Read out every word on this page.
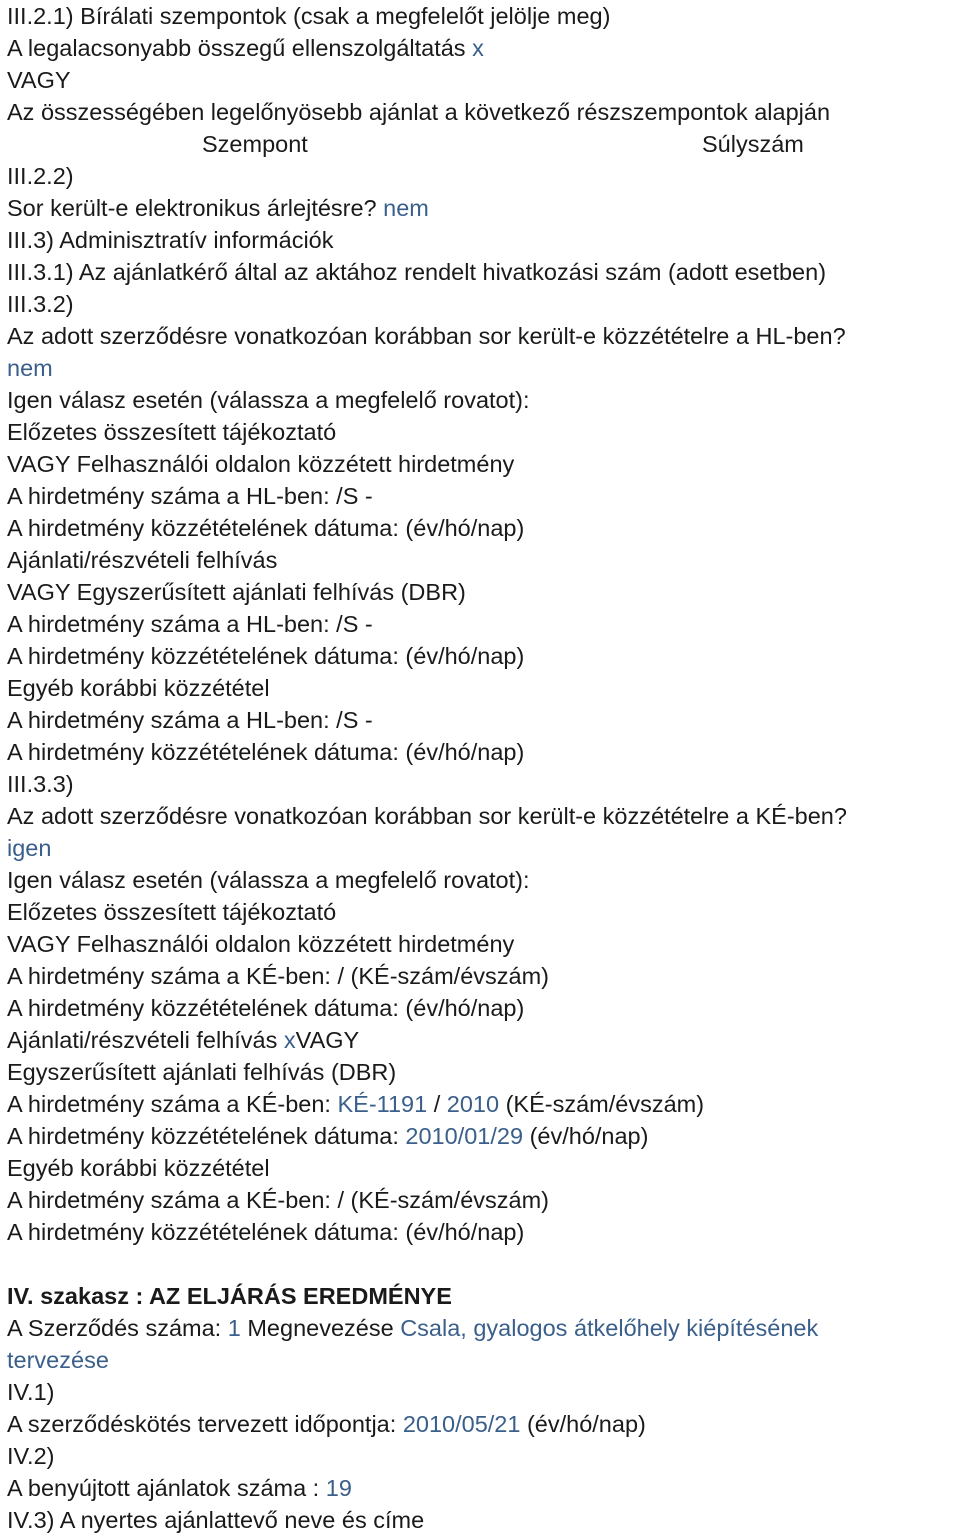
III.2.1) Bírálati szempontok (csak a megfelelőt jelölje meg)
A legalacsonyabb összegű ellenszolgáltatás x
VAGY
Az összességében legelőnyösebb ajánlat a következő részszempontok alapján
Szempont	Súlyszám
III.2.2)
Sor került-e elektronikus árlejtésre? nem
III.3) Adminisztratív információk
III.3.1) Az ajánlatkérő által az aktához rendelt hivatkozási szám (adott esetben)
III.3.2)
Az adott szerződésre vonatkozóan korábban sor került-e közzétételre a HL-ben?
nem
Igen válasz esetén (válassza a megfelelő rovatot):
Előzetes összesített tájékoztató
VAGY Felhasználói oldalon közzétett hirdetmény
A hirdetmény száma a HL-ben: /S -
A hirdetmény közzétételének dátuma: (év/hó/nap)
Ajánlati/részvételi felhívás
VAGY Egyszerűsített ajánlati felhívás (DBR)
A hirdetmény száma a HL-ben: /S -
A hirdetmény közzétételének dátuma: (év/hó/nap)
Egyéb korábbi közzététel
A hirdetmény száma a HL-ben: /S -
A hirdetmény közzétételének dátuma: (év/hó/nap)
III.3.3)
Az adott szerződésre vonatkozóan korábban sor került-e közzétételre a KÉ-ben?
igen
Igen válasz esetén (válassza a megfelelő rovatot):
Előzetes összesített tájékoztató
VAGY Felhasználói oldalon közzétett hirdetmény
A hirdetmény száma a KÉ-ben: / (KÉ-szám/évszám)
A hirdetmény közzétételének dátuma: (év/hó/nap)
Ajánlati/részvételi felhívás xVAGY
Egyszerűsített ajánlati felhívás (DBR)
A hirdetmény száma a KÉ-ben: KÉ-1191 / 2010 (KÉ-szám/évszám)
A hirdetmény közzétételének dátuma: 2010/01/29 (év/hó/nap)
Egyéb korábbi közzététel
A hirdetmény száma a KÉ-ben: / (KÉ-szám/évszám)
A hirdetmény közzétételének dátuma: (év/hó/nap)
IV. szakasz : AZ ELJÁRÁS EREDMÉNYE
A Szerződés száma: 1 Megnevezése Csala, gyalogos átkelőhely kiépítésének
tervezése
IV.1)
A szerződéskötés tervezett időpontja: 2010/05/21 (év/hó/nap)
IV.2)
A benyújtott ajánlatok száma : 19
IV.3) A nyertes ajánlattevő neve és címe
